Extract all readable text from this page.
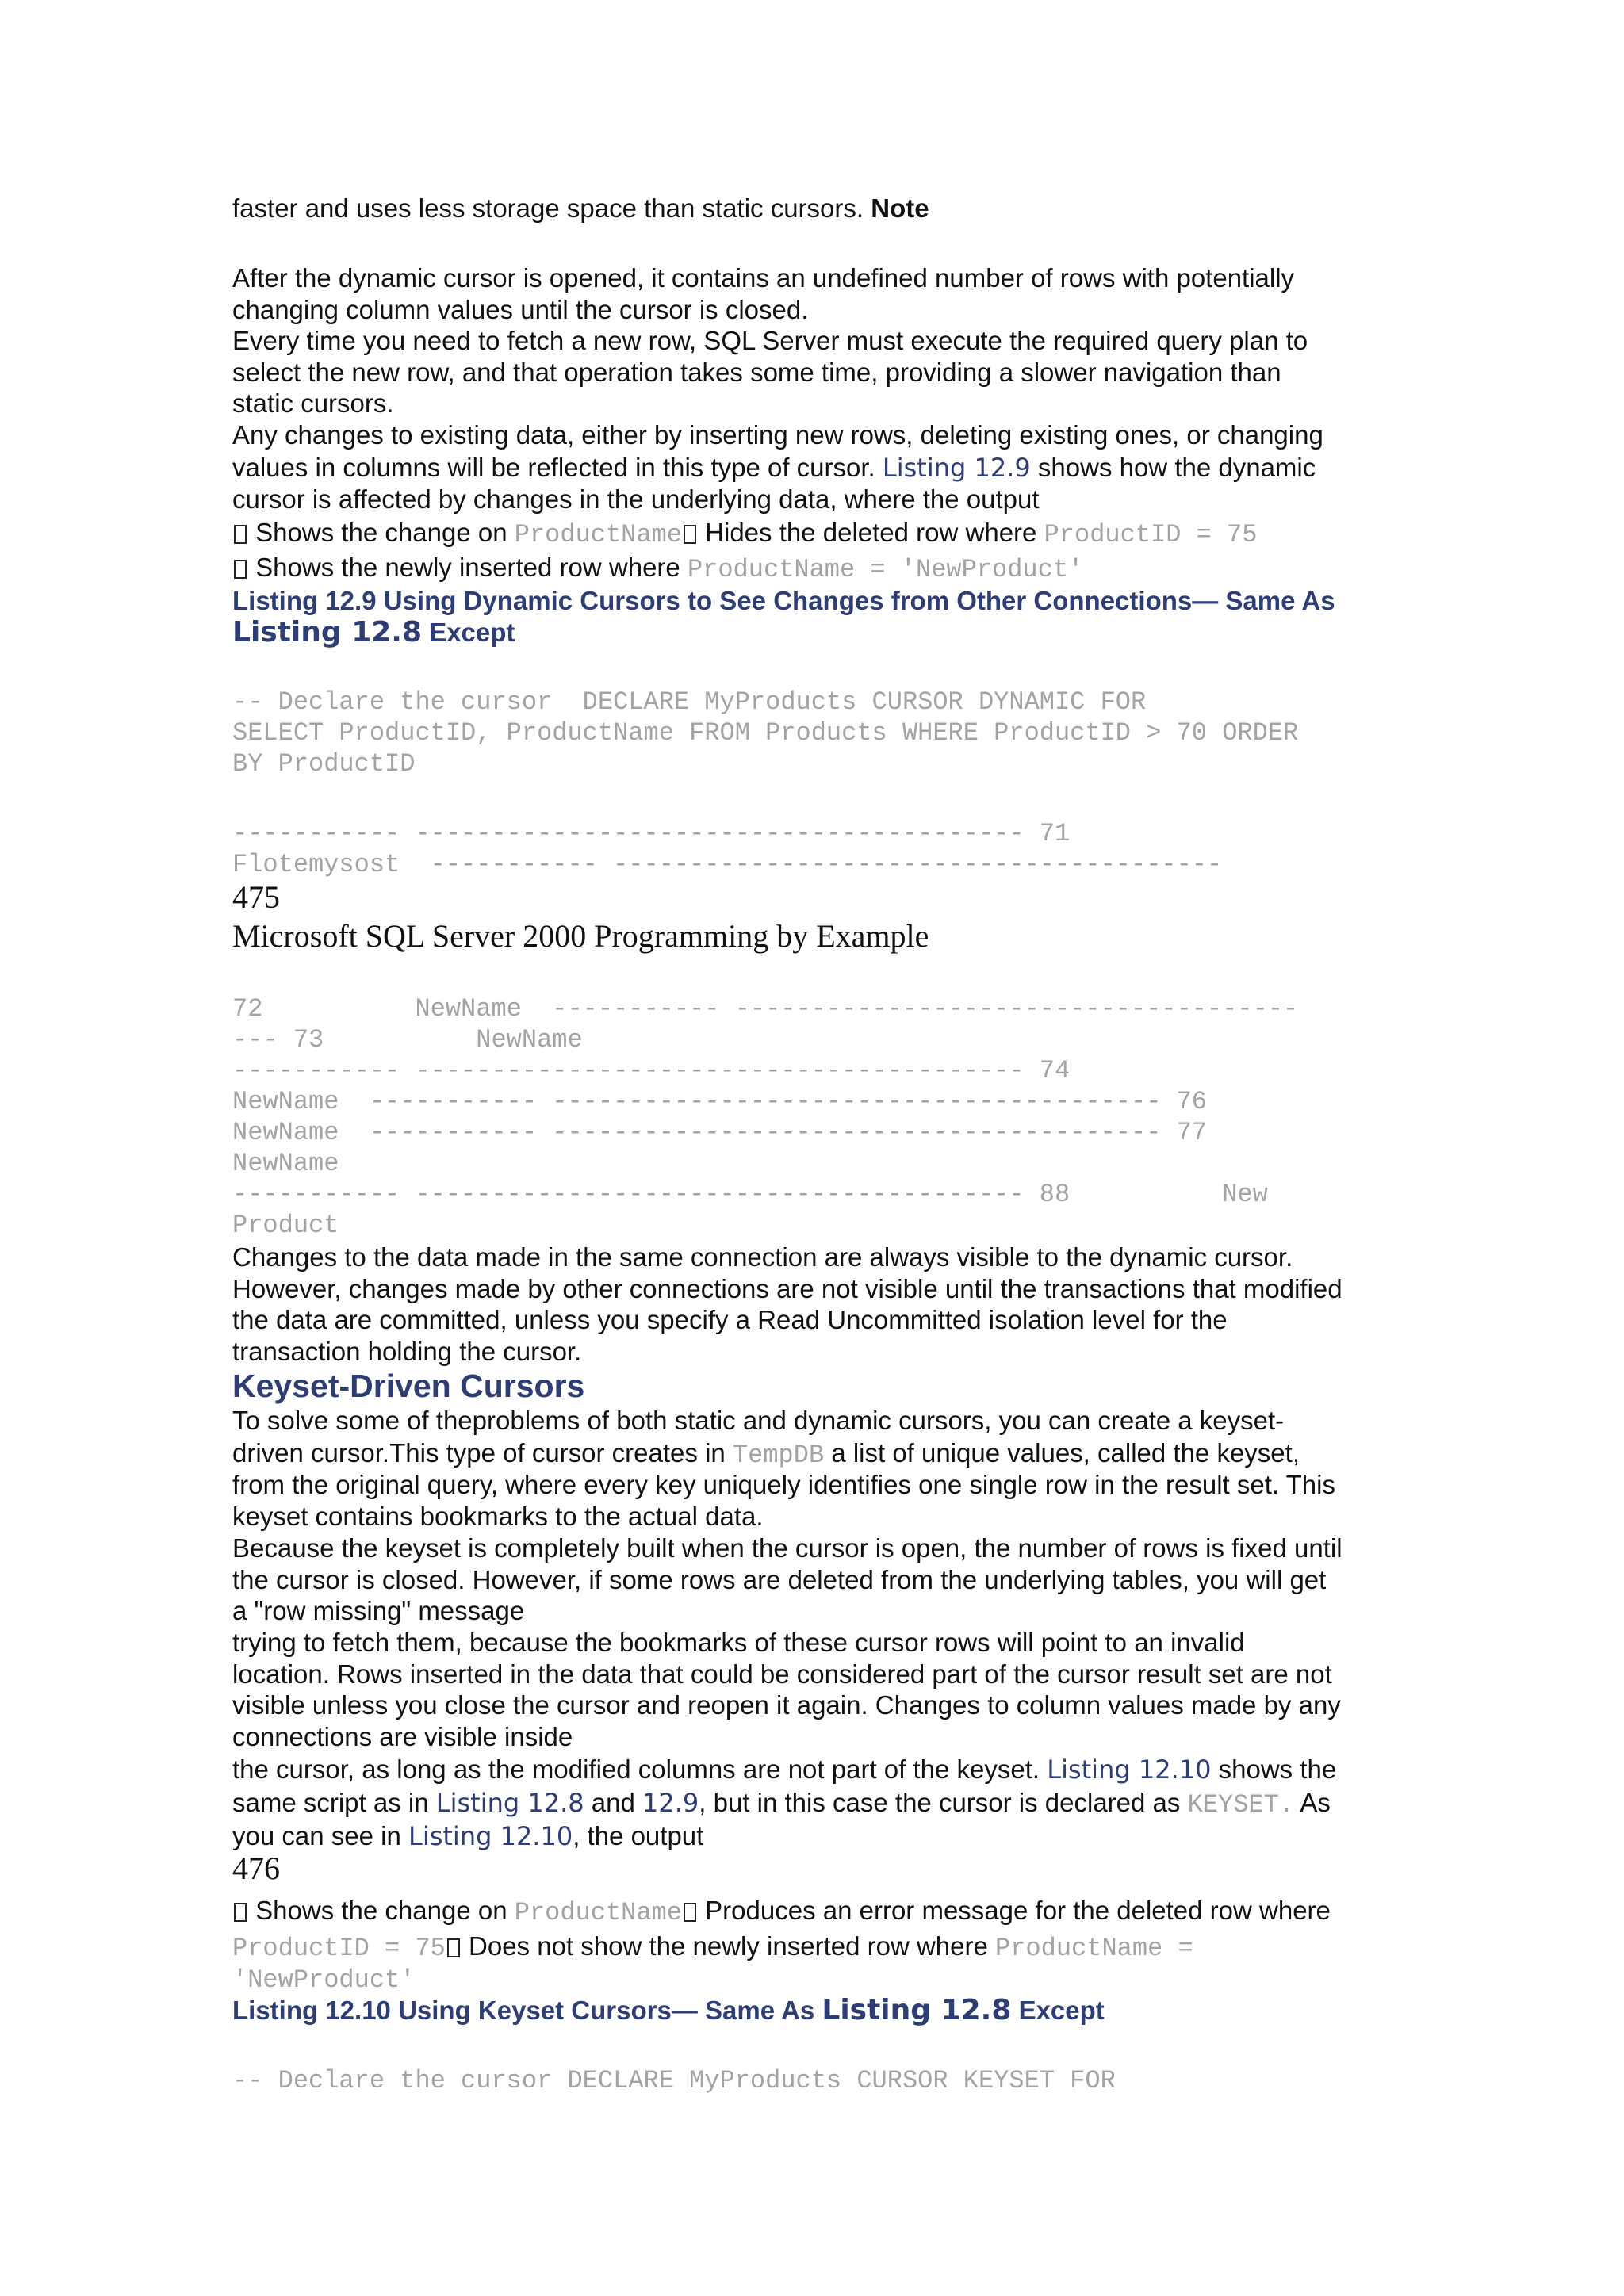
faster and uses less storage space than static cursors. Note
After the dynamic cursor is opened, it contains an undefined number of rows with potentially
changing column values until the cursor is closed.
Every time you need to fetch a new row, SQL Server must execute the required query plan to
select the new row, and that operation takes some time, providing a slower navigation than
static cursors.
Any changes to existing data, either by inserting new rows, deleting existing ones, or changing
values in columns will be reflected in this type of cursor. Listing 12.9 shows how the dynamic
cursor is affected by changes in the underlying data, where the output
Shows the change on ProductName Hides the deleted row where ProductID = 75
Shows the newly inserted row where ProductName = 'NewProduct'
Listing 12.9 Using Dynamic Cursors to See Changes from Other Connections— Same As
Listing 12.8 Except
-- Declare the cursor  DECLARE MyProducts CURSOR DYNAMIC FOR
SELECT ProductID, ProductName FROM Products WHERE ProductID > 70 ORDER
BY ProductID
----------- ---------------------------------------- 71
Flotemysost  ----------- ----------------------------------------
475
Microsoft SQL Server 2000 Programming by Example
72          NewName  ----------- -------------------------------------
--- 73          NewName
----------- ---------------------------------------- 74
NewName  ----------- ---------------------------------------- 76
NewName  ----------- ---------------------------------------- 77
NewName
----------- ---------------------------------------- 88          New
Product
Changes to the data made in the same connection are always visible to the dynamic cursor.
However, changes made by other connections are not visible until the transactions that modified
the data are committed, unless you specify a Read Uncommitted isolation level for the
transaction holding the cursor.
Keyset-Driven Cursors
To solve some of theproblems of both static and dynamic cursors, you can create a keyset-
driven cursor.This type of cursor creates in TempDB a list of unique values, called the keyset,
from the original query, where every key uniquely identifies one single row in the result set. This
keyset contains bookmarks to the actual data.
Because the keyset is completely built when the cursor is open, the number of rows is fixed until
the cursor is closed. However, if some rows are deleted from the underlying tables, you will get
a "row missing" message
trying to fetch them, because the bookmarks of these cursor rows will point to an invalid
location. Rows inserted in the data that could be considered part of the cursor result set are not
visible unless you close the cursor and reopen it again. Changes to column values made by any
connections are visible inside
the cursor, as long as the modified columns are not part of the keyset. Listing 12.10 shows the
same script as in Listing 12.8 and 12.9, but in this case the cursor is declared as KEYSET. As
you can see in Listing 12.10, the output
476
Shows the change on ProductName Produces an error message for the deleted row where
ProductID = 75 Does not show the newly inserted row where ProductName =
'NewProduct'
Listing 12.10 Using Keyset Cursors— Same As Listing 12.8 Except
-- Declare the cursor DECLARE MyProducts CURSOR KEYSET FOR
